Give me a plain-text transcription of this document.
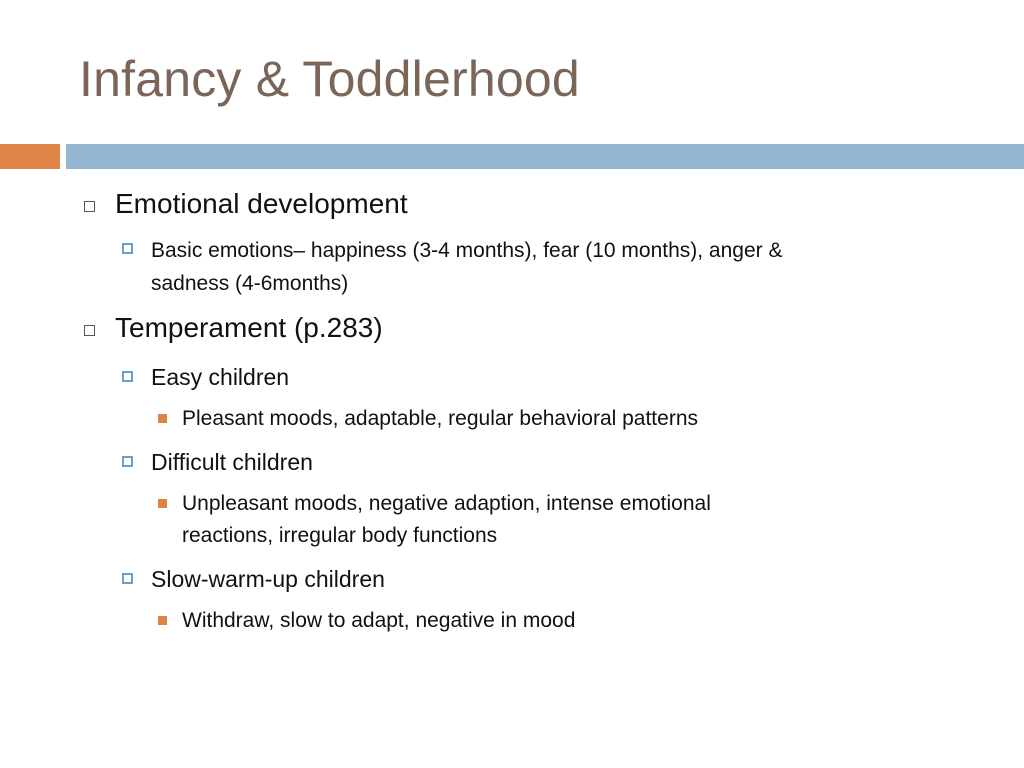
Infancy & Toddlerhood
Emotional development
Basic emotions– happiness (3-4 months), fear (10 months), anger &
sadness (4-6months)
Temperament (p.283)
Easy children
Pleasant moods, adaptable, regular behavioral patterns
Difficult children
Unpleasant moods, negative adaption, intense emotional
reactions, irregular body functions
Slow-warm-up children
Withdraw, slow to adapt, negative in mood
